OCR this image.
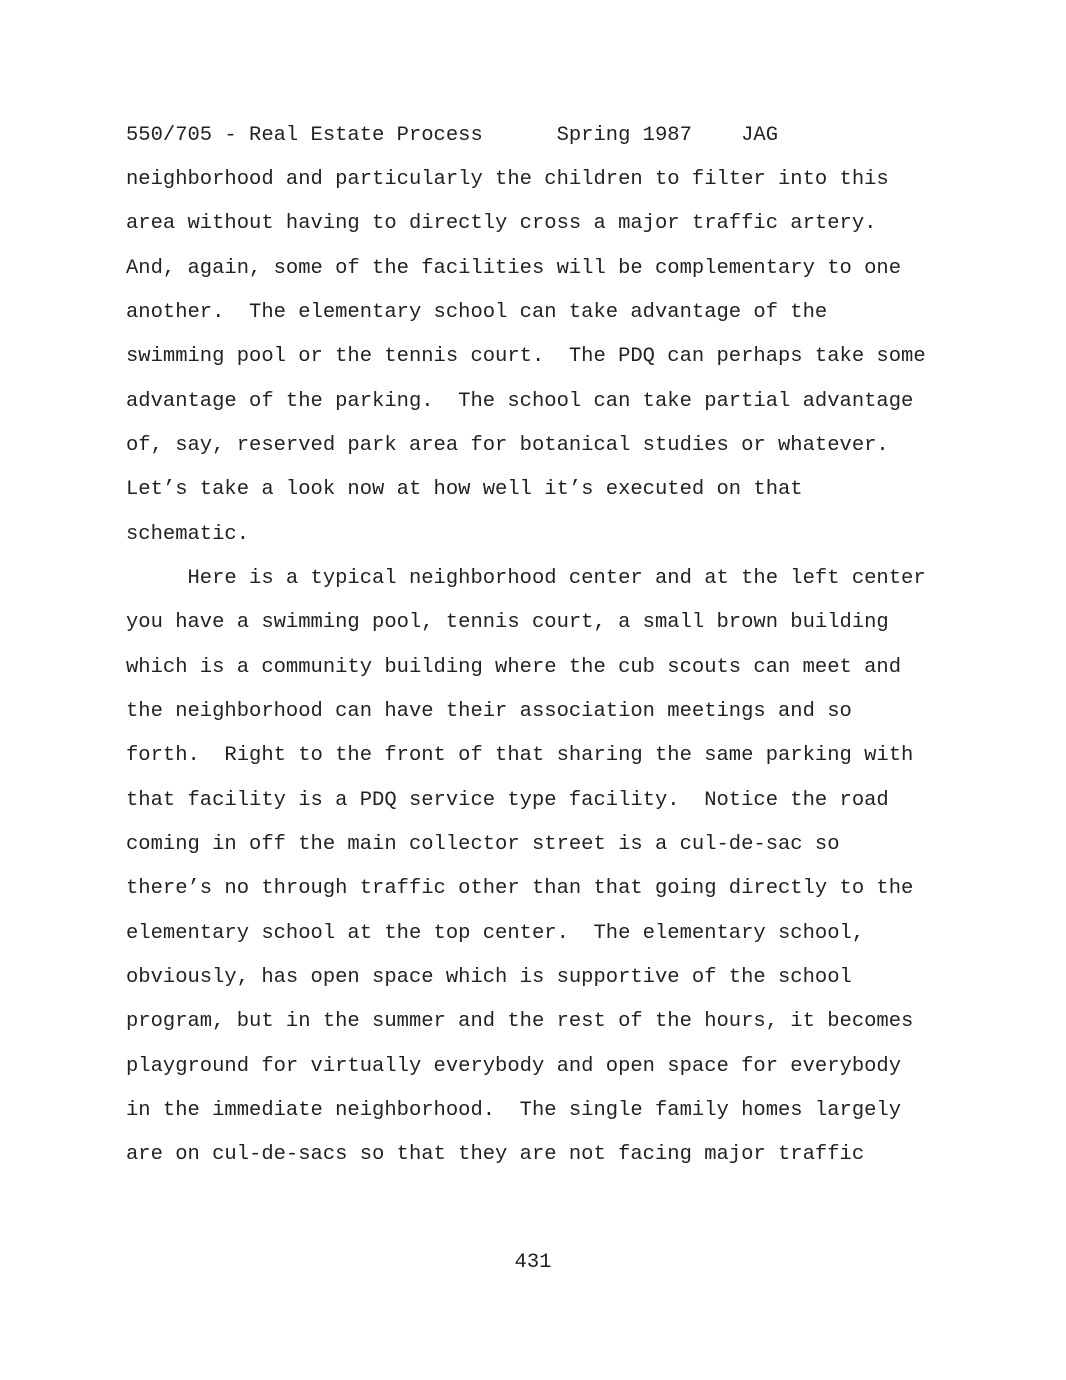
550/705 - Real Estate Process      Spring 1987    JAG
neighborhood and particularly the children to filter into this
area without having to directly cross a major traffic artery.
And, again, some of the facilities will be complementary to one
another.  The elementary school can take advantage of the
swimming pool or the tennis court.  The PDQ can perhaps take some
advantage of the parking.  The school can take partial advantage
of, say, reserved park area for botanical studies or whatever.
Let’s take a look now at how well it’s executed on that
schematic.
Here is a typical neighborhood center and at the left center
you have a swimming pool, tennis court, a small brown building
which is a community building where the cub scouts can meet and
the neighborhood can have their association meetings and so
forth.  Right to the front of that sharing the same parking with
that facility is a PDQ service type facility.  Notice the road
coming in off the main collector street is a cul-de-sac so
there’s no through traffic other than that going directly to the
elementary school at the top center.  The elementary school,
obviously, has open space which is supportive of the school
program, but in the summer and the rest of the hours, it becomes
playground for virtually everybody and open space for everybody
in the immediate neighborhood.  The single family homes largely
are on cul-de-sacs so that they are not facing major traffic
431
